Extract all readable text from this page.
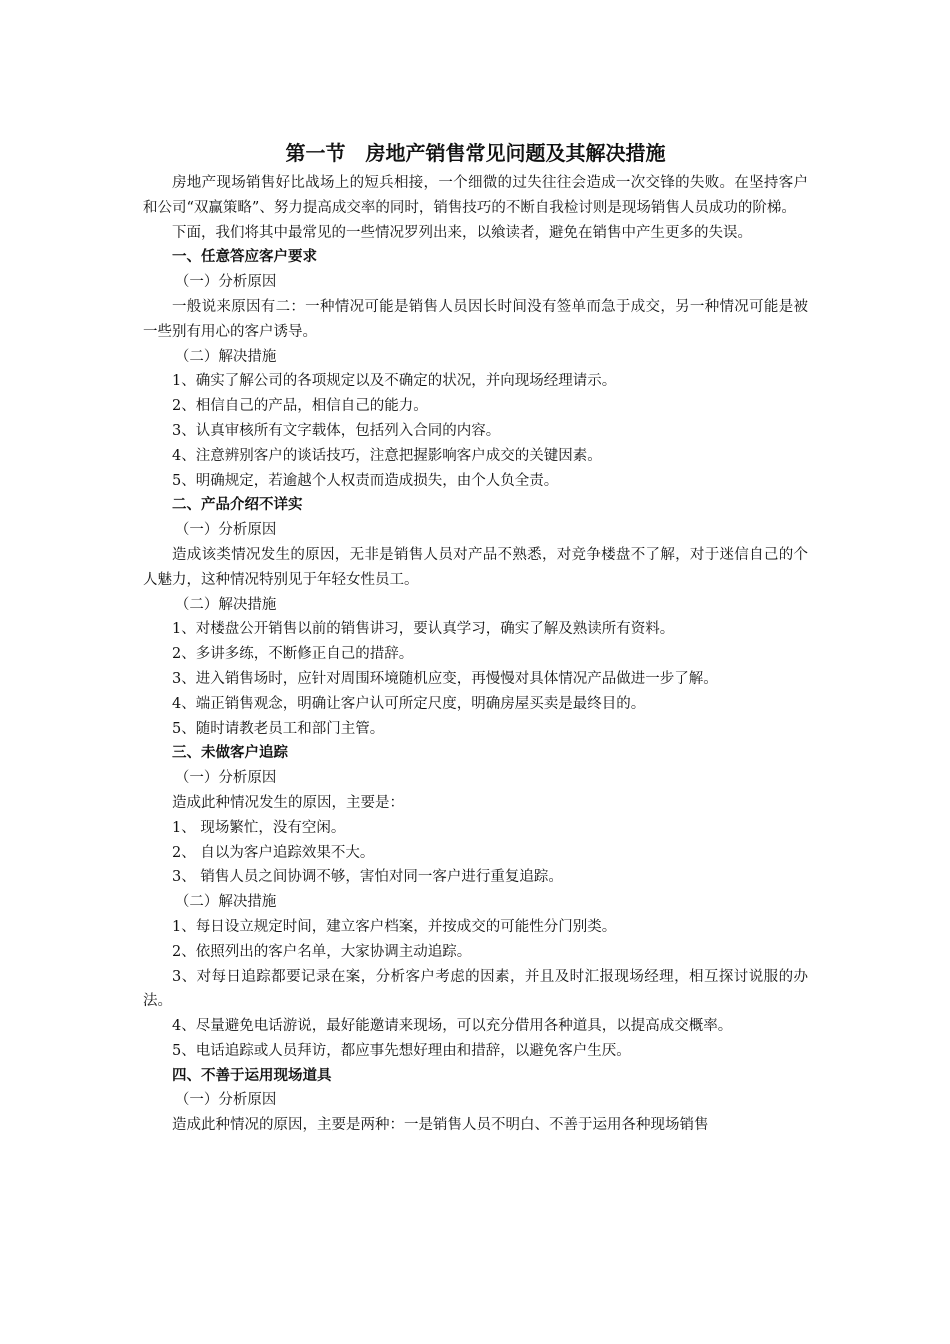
第一节　房地产销售常见问题及其解决措施

房地产现场销售好比战场上的短兵相接，一个细微的过失往往会造成一次交锋的失败。在坚持客户和公司“双赢策略”、努力提高成交率的同时，销售技巧的不断自我检讨则是现场销售人员成功的阶梯。

下面，我们将其中最常见的一些情况罗列出来，以飨读者，避免在销售中产生更多的失误。

一、任意答应客户要求

（一）分析原因

一般说来原因有二：一种情况可能是销售人员因长时间没有签单而急于成交，另一种情况可能是被一些别有用心的客户诱导。

（二）解决措施

1、确实了解公司的各项规定以及不确定的状况，并向现场经理请示。

2、相信自己的产品，相信自己的能力。

3、认真审核所有文字载体，包括列入合同的内容。

4、注意辨别客户的谈话技巧，注意把握影响客户成交的关键因素。

5、明确规定，若逾越个人权责而造成损失，由个人负全责。

二、产品介绍不详实

（一）分析原因

造成该类情况发生的原因，无非是销售人员对产品不熟悉，对竞争楼盘不了解，对于迷信自己的个人魅力，这种情况特别见于年轻女性员工。

（二）解决措施

1、对楼盘公开销售以前的销售讲习，要认真学习，确实了解及熟读所有资料。

2、多讲多练，不断修正自己的措辞。

3、进入销售场时，应针对周围环境随机应变，再慢慢对具体情况产品做进一步了解。

4、端正销售观念，明确让客户认可所定尺度，明确房屋买卖是最终目的。

5、随时请教老员工和部门主管。

三、未做客户追踪

（一）分析原因

造成此种情况发生的原因，主要是：

1、 现场繁忙，没有空闲。

2、 自以为客户追踪效果不大。

3、 销售人员之间协调不够，害怕对同一客户进行重复追踪。

（二）解决措施

1、每日设立规定时间，建立客户档案，并按成交的可能性分门别类。

2、依照列出的客户名单，大家协调主动追踪。

3、对每日追踪都要记录在案，分析客户考虑的因素，并且及时汇报现场经理，相互探讨说服的办法。

4、尽量避免电话游说，最好能邀请来现场，可以充分借用各种道具，以提高成交概率。

5、电话追踪或人员拜访，都应事先想好理由和措辞，以避免客户生厌。

四、不善于运用现场道具

（一）分析原因

造成此种情况的原因，主要是两种：一是销售人员不明白、不善于运用各种现场销售
